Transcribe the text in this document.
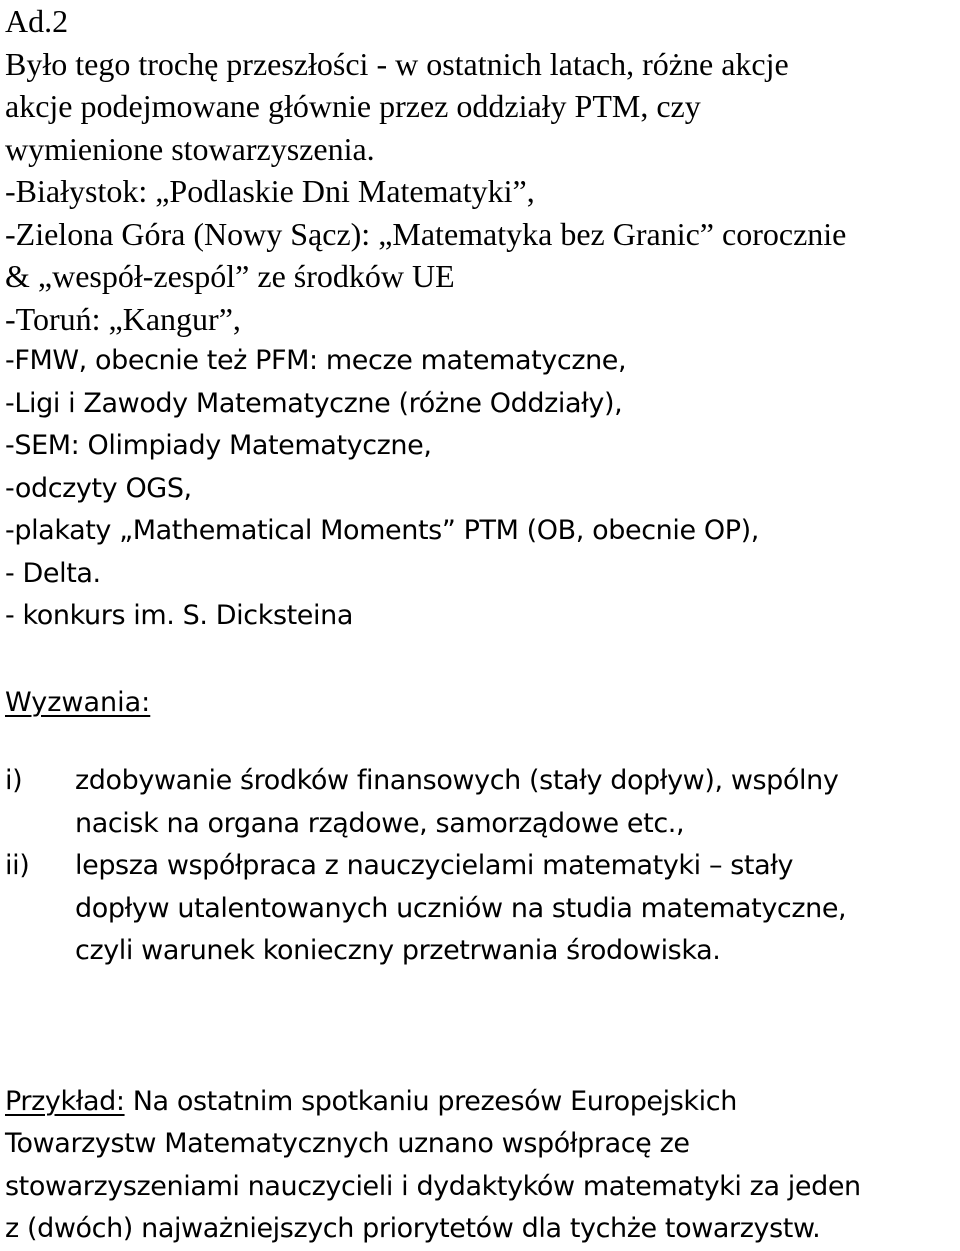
Ad.2

Było tego trochę przeszłości - w ostatnich latach, różne akcje

akcje podejmowane głównie przez oddziały PTM, czy

wymienione stowarzyszenia.

-Białystok: „Podlaskie Dni Matematyki”,

-Zielona Góra (Nowy Sącz): „Matematyka bez Granic” corocznie

& „wespół-zespól” ze środków UE

-Toruń: „Kangur”,

-FMW, obecnie też PFM: mecze matematyczne,

-Ligi i Zawody Matematyczne (różne Oddziały),

-SEM: Olimpiady Matematyczne,

-odczyty OGS,

-plakaty „Mathematical Moments” PTM (OB, obecnie OP),

- Delta.

- konkurs im. S. Dicksteina

Wyzwania:

i)	zdobywanie środków finansowych (stały dopływ), wspólny
nacisk na organa rządowe, samorządowe etc.,
ii)	lepsza współpraca z nauczycielami matematyki – stały
dopływ utalentowanych uczniów na studia matematyczne,
czyli warunek konieczny przetrwania środowiska.

Przykład: Na ostatnim spotkaniu prezesów Europejskich

Towarzystw Matematycznych uznano współpracę ze

stowarzyszeniami nauczycieli i dydaktyków matematyki za jeden

z (dwóch) najważniejszych priorytetów dla tychże towarzystw.
